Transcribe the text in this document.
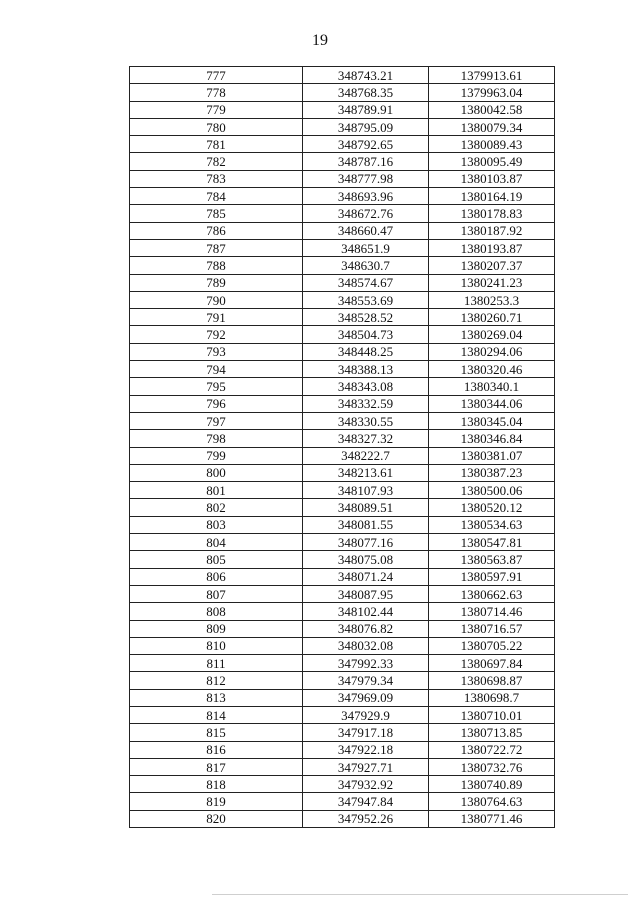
19
777	348743.21	1379913.61
778	348768.35	1379963.04
779	348789.91	1380042.58
780	348795.09	1380079.34
781	348792.65	1380089.43
782	348787.16	1380095.49
783	348777.98	1380103.87
784	348693.96	1380164.19
785	348672.76	1380178.83
786	348660.47	1380187.92
787	348651.9	1380193.87
788	348630.7	1380207.37
789	348574.67	1380241.23
790	348553.69	1380253.3
791	348528.52	1380260.71
792	348504.73	1380269.04
793	348448.25	1380294.06
794	348388.13	1380320.46
795	348343.08	1380340.1
796	348332.59	1380344.06
797	348330.55	1380345.04
798	348327.32	1380346.84
799	348222.7	1380381.07
800	348213.61	1380387.23
801	348107.93	1380500.06
802	348089.51	1380520.12
803	348081.55	1380534.63
804	348077.16	1380547.81
805	348075.08	1380563.87
806	348071.24	1380597.91
807	348087.95	1380662.63
808	348102.44	1380714.46
809	348076.82	1380716.57
810	348032.08	1380705.22
811	347992.33	1380697.84
812	347979.34	1380698.87
813	347969.09	1380698.7
814	347929.9	1380710.01
815	347917.18	1380713.85
816	347922.18	1380722.72
817	347927.71	1380732.76
818	347932.92	1380740.89
819	347947.84	1380764.63
820	347952.26	1380771.46
